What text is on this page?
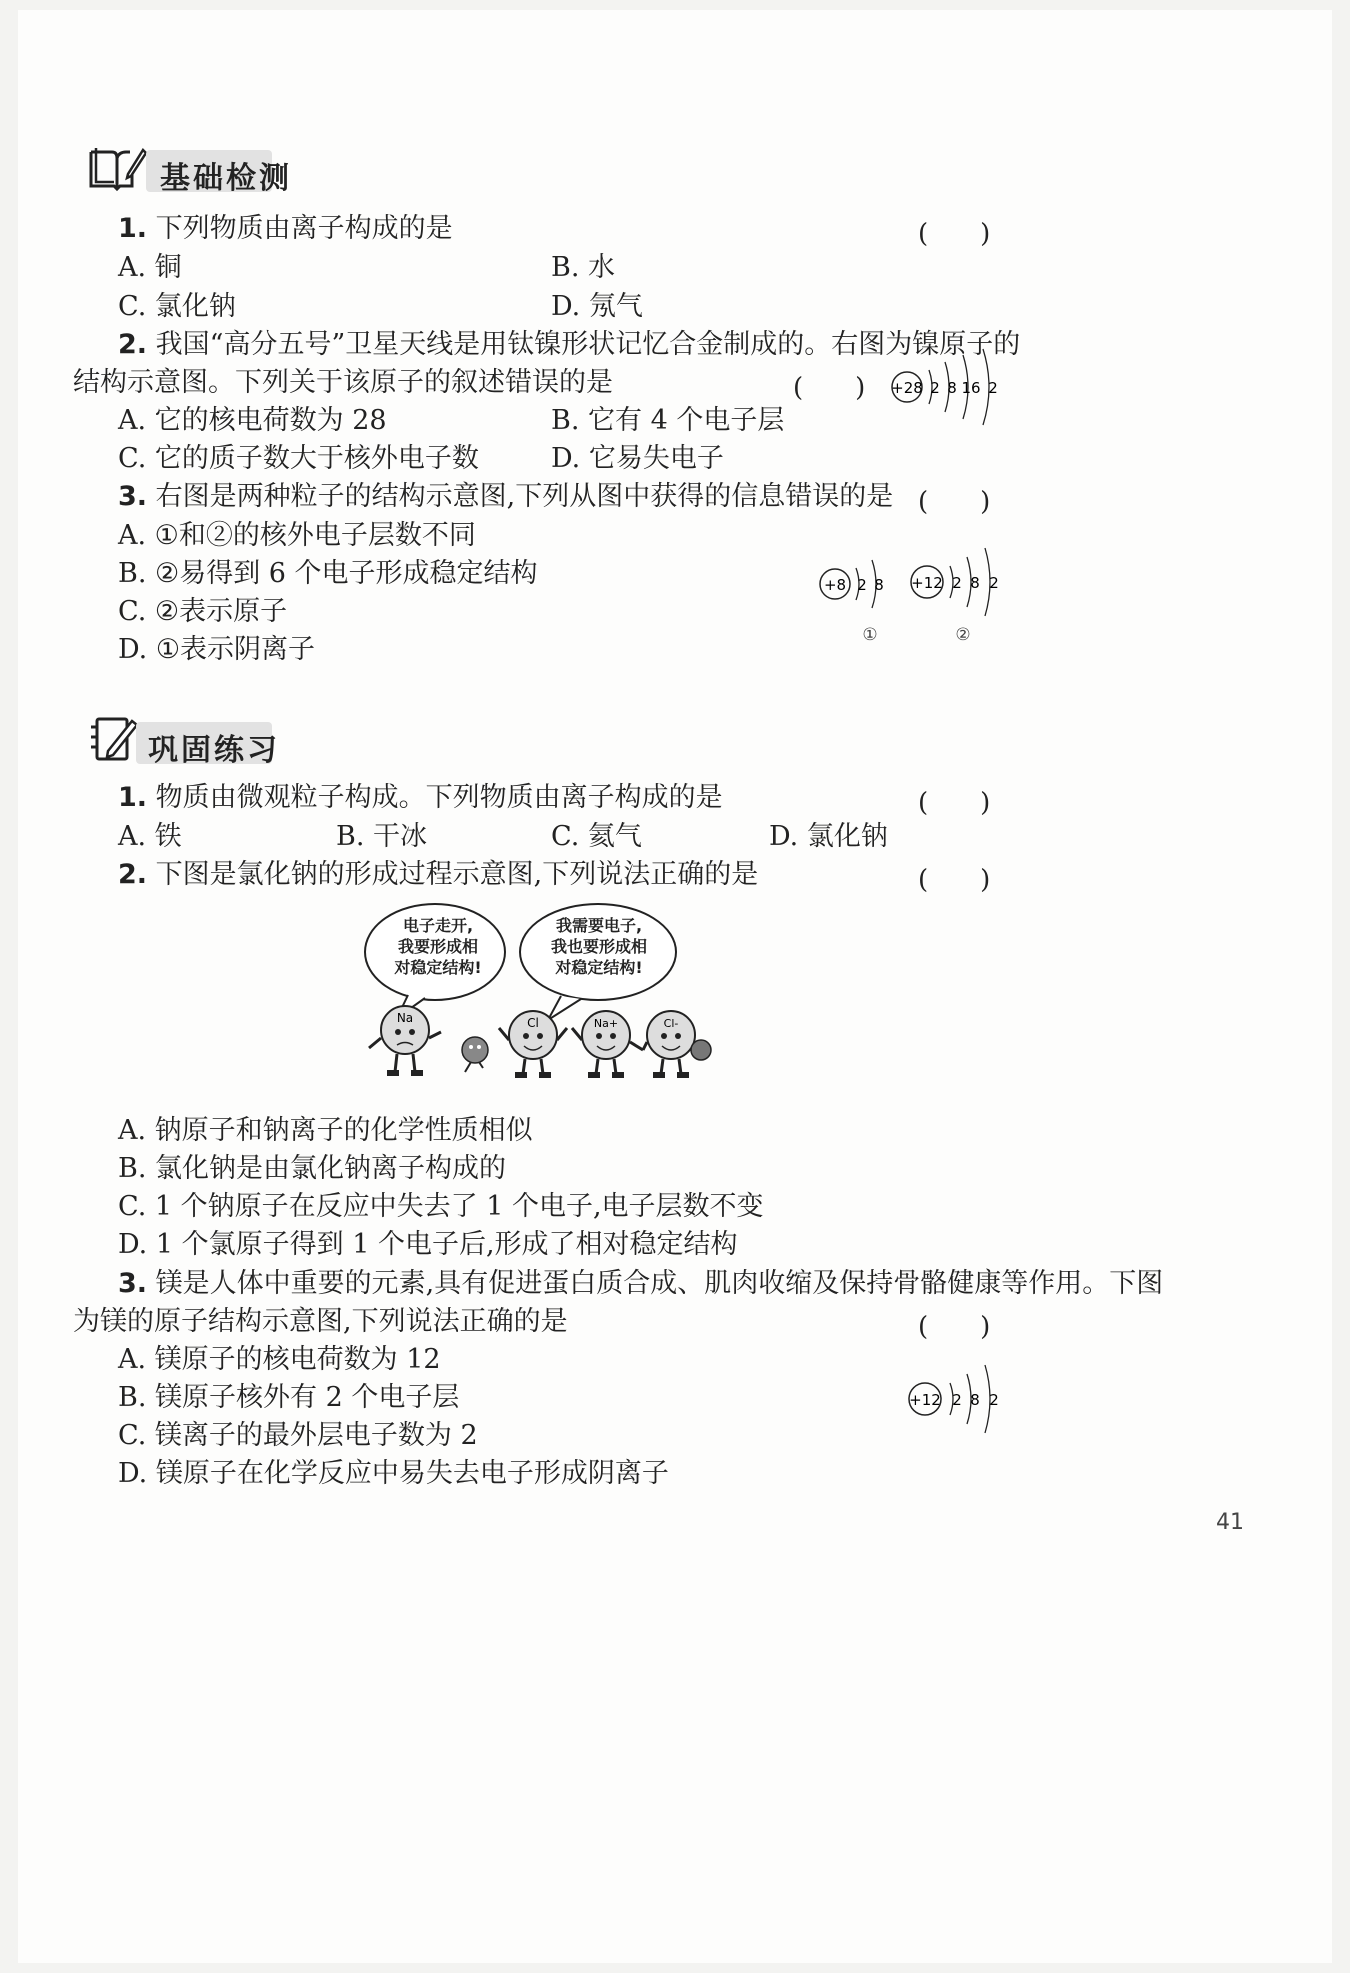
基础检测
1. 下列物质由离子构成的是	(　　)
A. 铜	B. 水
C. 氯化钠	D. 氖气
2. 我国“高分五号”卫星天线是用钛镍形状记忆合金制成的。右图为镍原子的
结构示意图。下列关于该原子的叙述错误的是	(　　)
A. 它的核电荷数为 28	B. 它有 4 个电子层
C. 它的质子数大于核外电子数	D. 它易失电子
+28 2 8 16 2
3. 右图是两种粒子的结构示意图,下列从图中获得的信息错误的是 (　　)
A. ①和②的核外电子层数不同
B. ②易得到 6 个电子形成稳定结构
C. ②表示原子
D. ①表示阴离子
+8 2 8
①
+12 2 8 2
②
巩固练习
1. 物质由微观粒子构成。下列物质由离子构成的是	(　　)
A. 铁	B. 干冰	C. 氦气	D. 氯化钠
2. 下图是氯化钠的形成过程示意图,下列说法正确的是	(　　)
Na	Cl	Na+	Cl-
电子走开,
我要形成相
对稳定结构!
我需要电子,
我也要形成相
对稳定结构!
A. 钠原子和钠离子的化学性质相似
B. 氯化钠是由氯化钠离子构成的
C. 1 个钠原子在反应中失去了 1 个电子,电子层数不变
D. 1 个氯原子得到 1 个电子后,形成了相对稳定结构
3. 镁是人体中重要的元素,具有促进蛋白质合成、肌肉收缩及保持骨骼健康等作用。下图
为镁的原子结构示意图,下列说法正确的是	(　　)
A. 镁原子的核电荷数为 12
B. 镁原子核外有 2 个电子层
C. 镁离子的最外层电子数为 2
D. 镁原子在化学反应中易失去电子形成阴离子
+12 2 8 2
41
